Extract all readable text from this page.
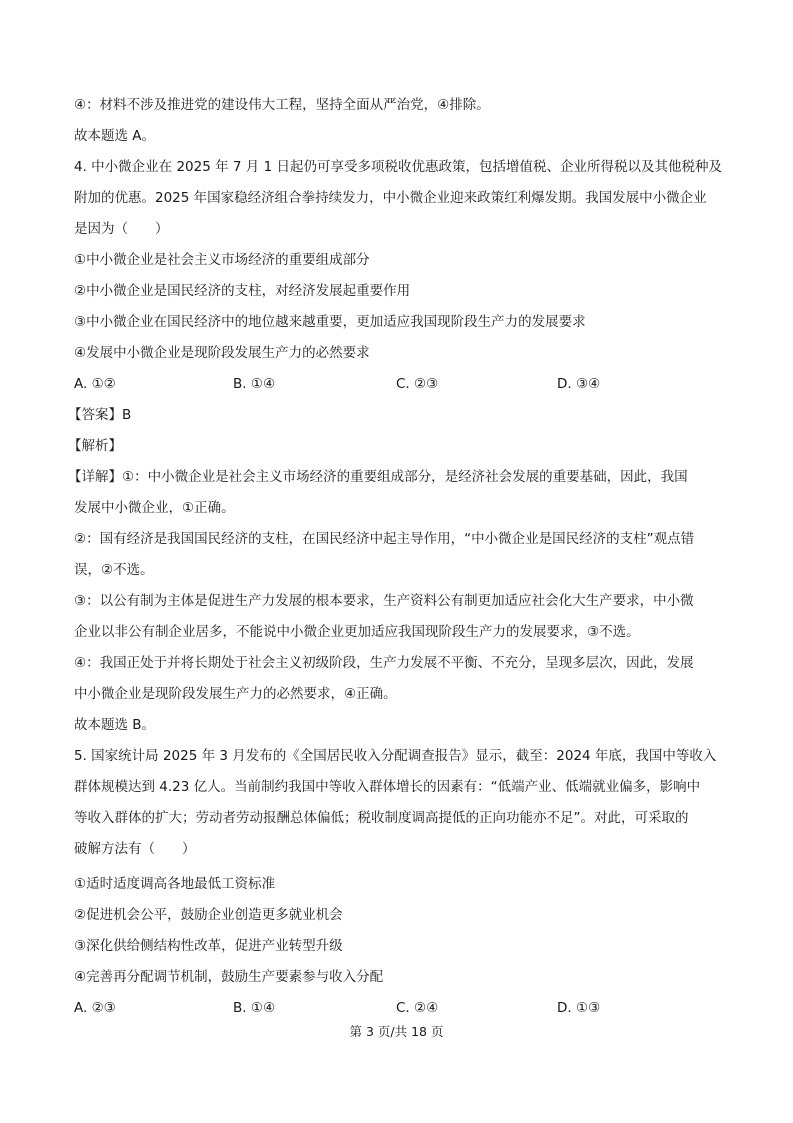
④：材料不涉及推进党的建设伟大工程，坚持全面从严治党，④排除。
故本题选 A。
4. 中小微企业在 2025 年 7 月 1 日起仍可享受多项税收优惠政策，包括增值税、企业所得税以及其他税种及
附加的优惠。2025 年国家稳经济组合拳持续发力，中小微企业迎来政策红利爆发期。我国发展中小微企业
是因为（　　）
①中小微企业是社会主义市场经济的重要组成部分
②中小微企业是国民经济的支柱，对经济发展起重要作用
③中小微企业在国民经济中的地位越来越重要，更加适应我国现阶段生产力的发展要求
④发展中小微企业是现阶段发展生产力的必然要求
A. ①②	B. ①④	C. ②③	D. ③④
【答案】B
【解析】
【详解】①：中小微企业是社会主义市场经济的重要组成部分，是经济社会发展的重要基础，因此，我国
发展中小微企业，①正确。
②：国有经济是我国国民经济的支柱，在国民经济中起主导作用，“中小微企业是国民经济的支柱”观点错
误，②不选。
③：以公有制为主体是促进生产力发展的根本要求，生产资料公有制更加适应社会化大生产要求，中小微
企业以非公有制企业居多，不能说中小微企业更加适应我国现阶段生产力的发展要求，③不选。
④：我国正处于并将长期处于社会主义初级阶段，生产力发展不平衡、不充分，呈现多层次，因此，发展
中小微企业是现阶段发展生产力的必然要求，④正确。
故本题选 B。
5. 国家统计局 2025 年 3 月发布的《全国居民收入分配调查报告》显示，截至：2024 年底，我国中等收入
群体规模达到 4.23 亿人。当前制约我国中等收入群体增长的因素有：“低端产业、低端就业偏多，影响中
等收入群体的扩大；劳动者劳动报酬总体偏低；税收制度调高提低的正向功能亦不足”。对此，可采取的
破解方法有（　　）
①适时适度调高各地最低工资标准
②促进机会公平，鼓励企业创造更多就业机会
③深化供给侧结构性改革，促进产业转型升级
④完善再分配调节机制，鼓励生产要素参与收入分配
A. ②③	B. ①④	C. ②④	D. ①③
第 3 页/共 18 页
